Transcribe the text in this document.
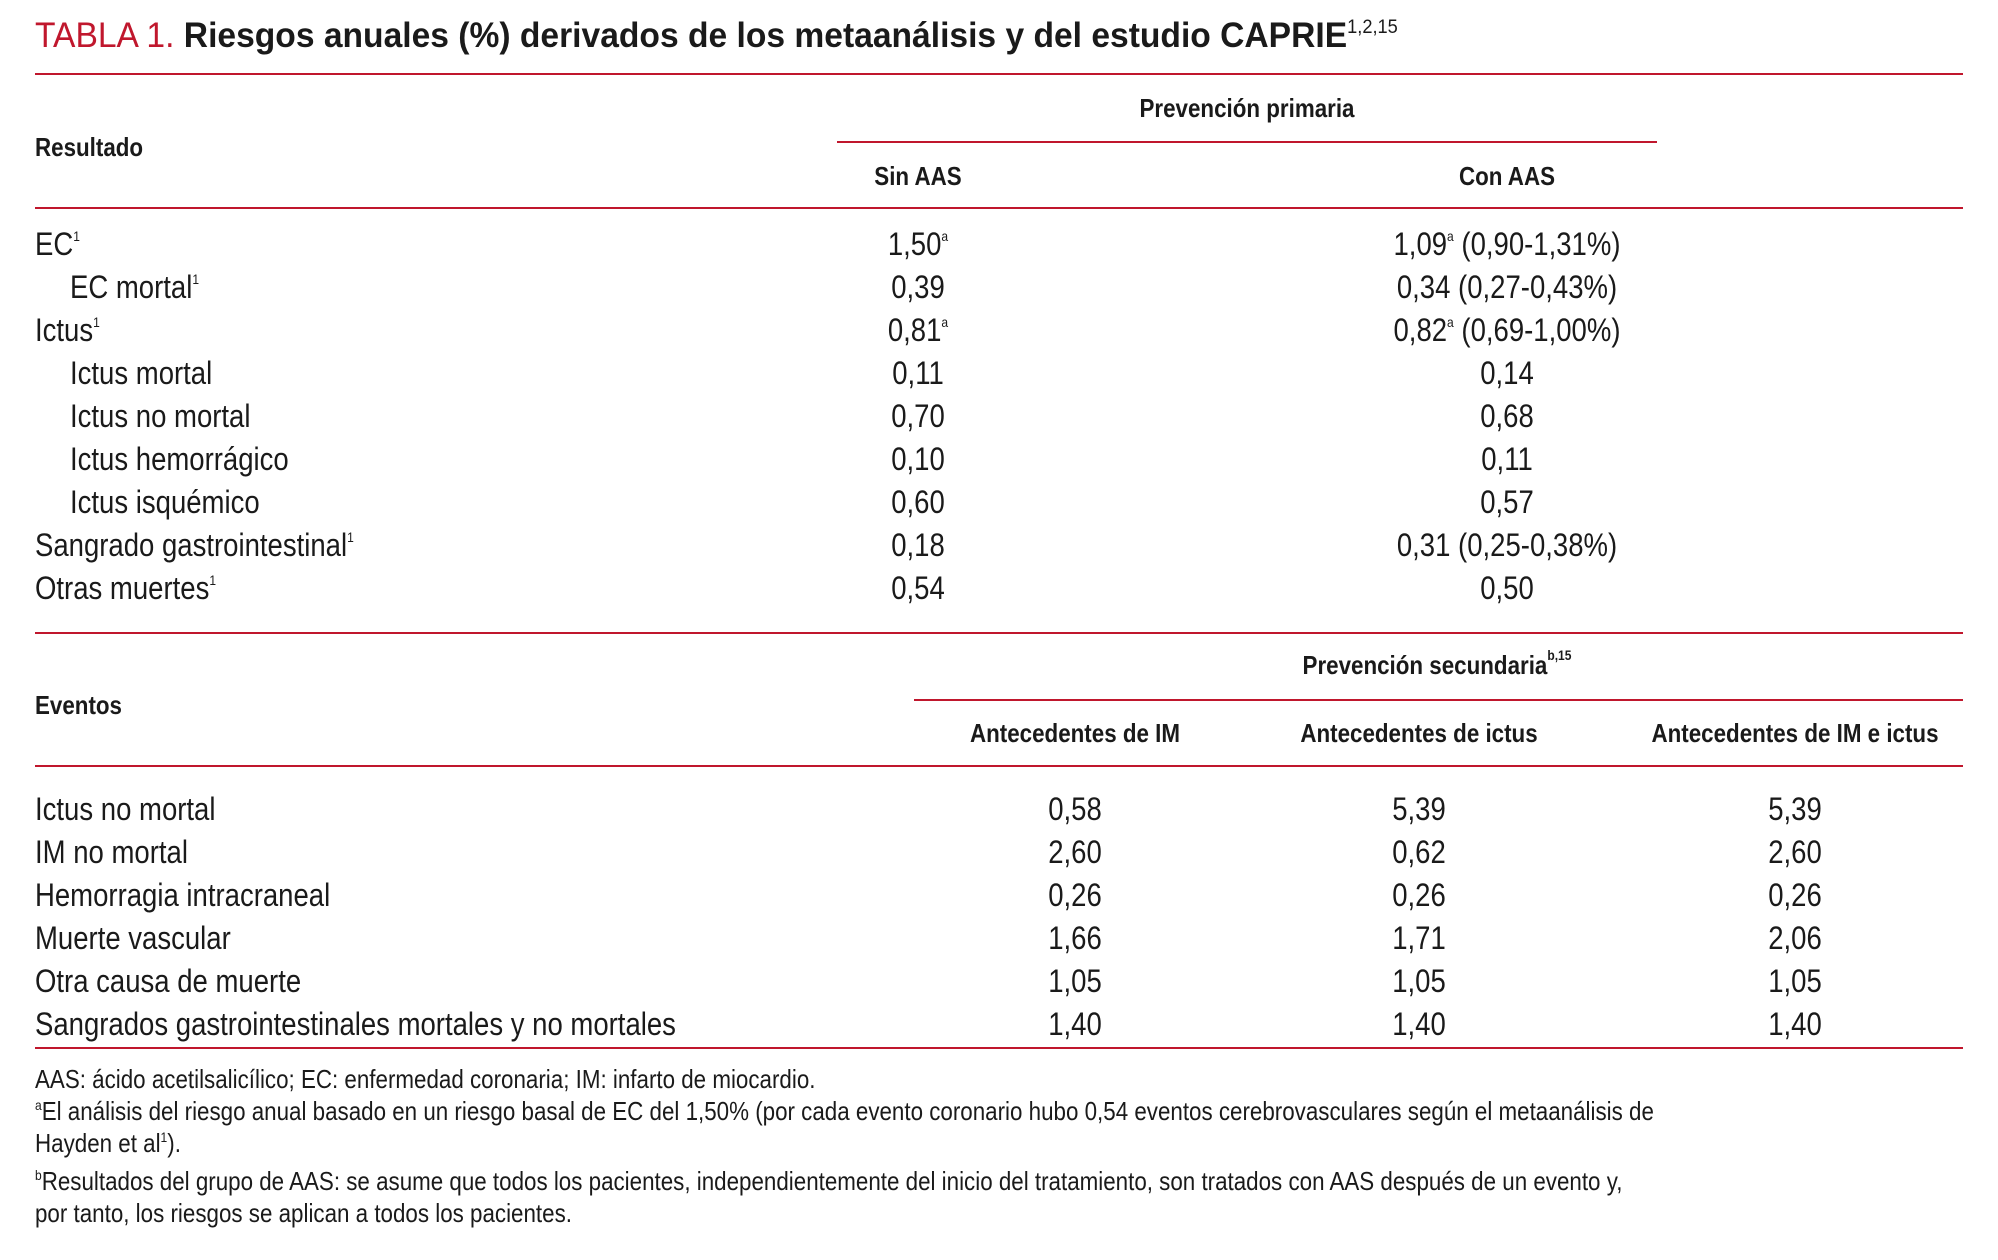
TABLA 1. Riesgos anuales (%) derivados de los metaanálisis y del estudio CAPRIE$^{1,2,15}$
Resultado
Prevención primaria
Sin AAS	Con AAS
$EC^1$	1,50$^a$	1,09$^a$ (0,90-1,31%)
EC mortal$^1$	0,39	0,34 (0,27-0,43%)
Ictus$^1$	0,81$^a$	0,82$^a$ (0,69-1,00%)
Ictus mortal	0,11	0,14
Ictus no mortal	0,70	0,68
Ictus hemorrágico	0,10	0,11
Ictus isquémico	0,60	0,57
Sangrado gastrointestinal$^1$	0,18	0,31 (0,25-0,38%)
Otras muertes$^1$	0,54	0,50
Eventos
Prevención secundaria$^{b,15}$
Antecedentes de IM	Antecedentes de ictus	Antecedentes de IM e ictus
Ictus no mortal	0,58	5,39	5,39
IM no mortal	2,60	0,62	2,60
Hemorragia intracraneal	0,26	0,26	0,26
Muerte vascular	1,66	1,71	2,06
Otra causa de muerte	1,05	1,05	1,05
Sangrados gastrointestinales mortales y no mortales	1,40	1,40	1,40
AAS: ácido acetilsalicílico; EC: enfermedad coronaria; IM: infarto de miocardio.
$^a$El análisis del riesgo anual basado en un riesgo basal de EC del 1,50% (por cada evento coronario hubo 0,54 eventos cerebrovasculares según el metaanálisis de
Hayden et $al^1$).
$^b$Resultados del grupo de AAS: se asume que todos los pacientes, independientemente del inicio del tratamiento, son tratados con AAS después de un evento y,
por tanto, los riesgos se aplican a todos los pacientes.
